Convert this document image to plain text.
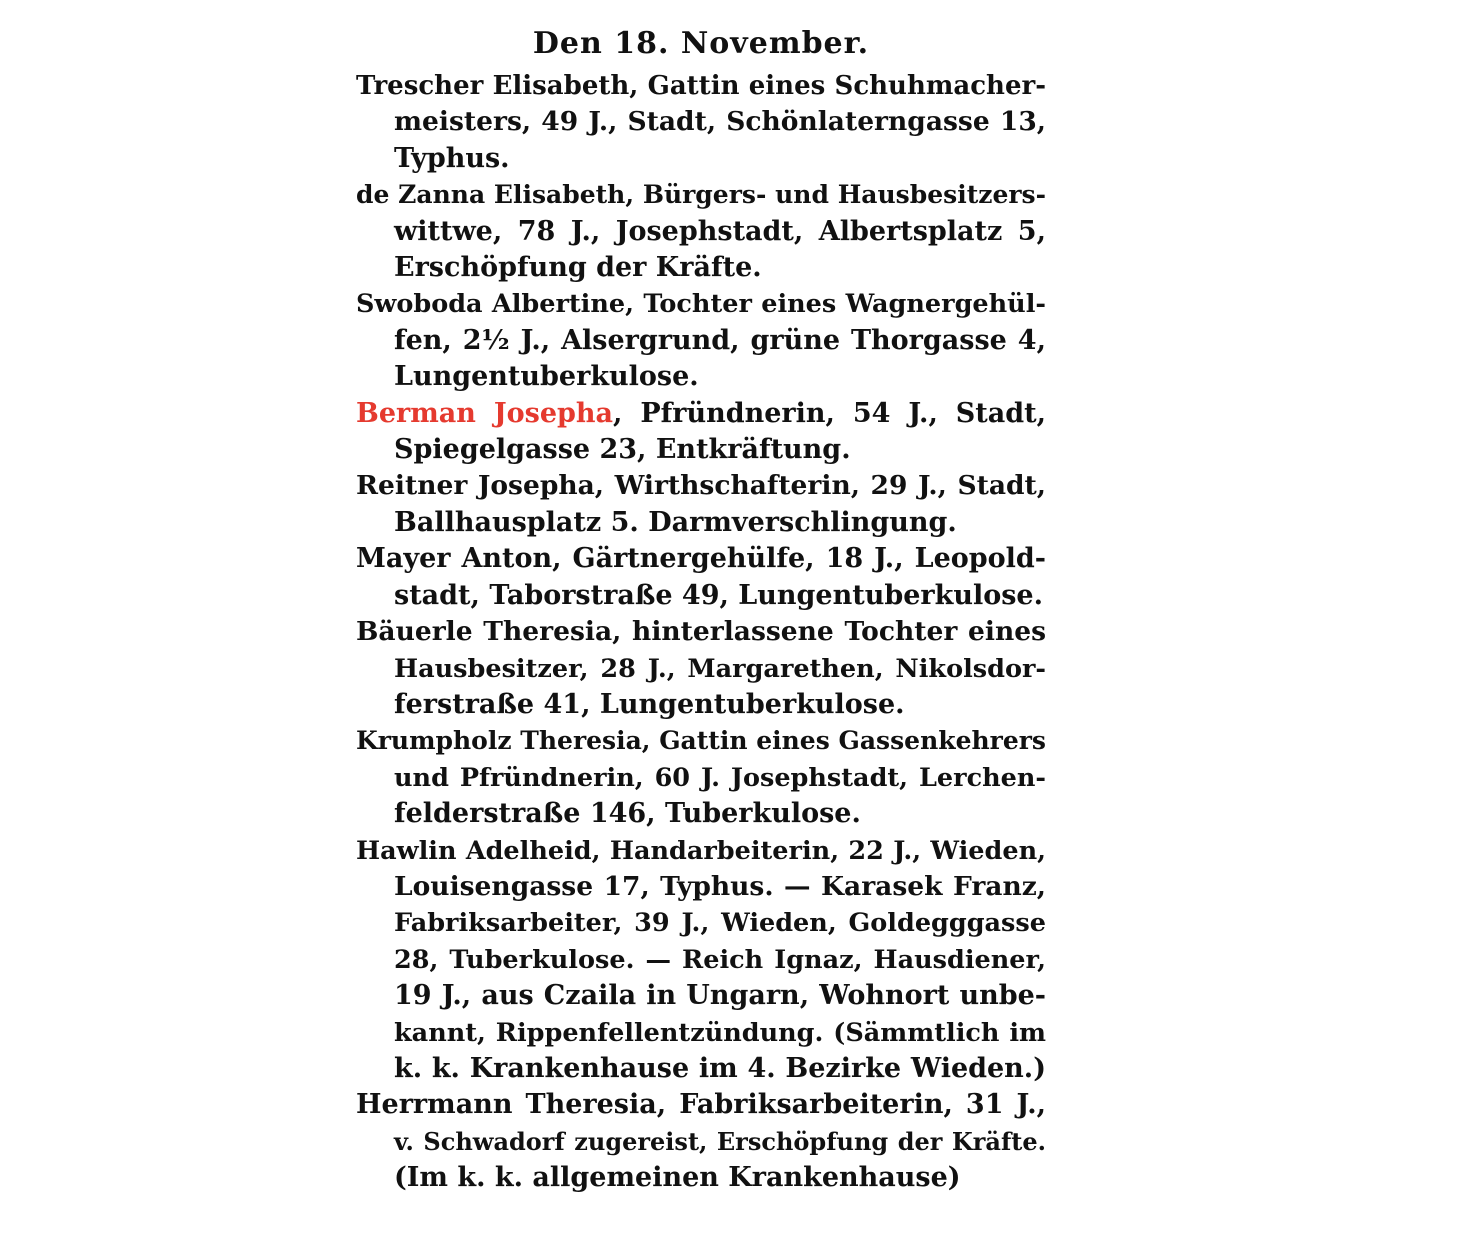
Den 18. November.
Trescher Elisabeth, Gattin eines Schuhmacher-
meisters, 49 J., Stadt, Schönlaterngasse 13,
Typhus.
de Zanna Elisabeth, Bürgers- und Hausbesitzers-
wittwe, 78 J., Josephstadt, Albertsplatz 5,
Erschöpfung der Kräfte.
Swoboda Albertine, Tochter eines Wagnergehül-
fen, 2½ J., Alsergrund, grüne Thorgasse 4,
Lungentuberkulose.
Berman Josepha, Pfründnerin, 54 J., Stadt,
Spiegelgasse 23, Entkräftung.
Reitner Josepha, Wirthschafterin, 29 J., Stadt,
Ballhausplatz 5. Darmverschlingung.
Mayer Anton, Gärtnergehülfe, 18 J., Leopold-
stadt, Taborstraße 49, Lungentuberkulose.
Bäuerle Theresia, hinterlassene Tochter eines
Hausbesitzer, 28 J., Margarethen, Nikolsdor-
ferstraße 41, Lungentuberkulose.
Krumpholz Theresia, Gattin eines Gassenkehrers
und Pfründnerin, 60 J. Josephstadt, Lerchen-
felderstraße 146, Tuberkulose.
Hawlin Adelheid, Handarbeiterin, 22 J., Wieden,
Louisengasse 17, Typhus. — Karasek Franz,
Fabriksarbeiter, 39 J., Wieden, Goldegggasse
28, Tuberkulose. — Reich Ignaz, Hausdiener,
19 J., aus Czaila in Ungarn, Wohnort unbe-
kannt, Rippenfellentzündung. (Sämmtlich im
k. k. Krankenhause im 4. Bezirke Wieden.)
Herrmann Theresia, Fabriksarbeiterin, 31 J.,
v. Schwadorf zugereist, Erschöpfung der Kräfte.
(Im k. k. allgemeinen Krankenhause)
